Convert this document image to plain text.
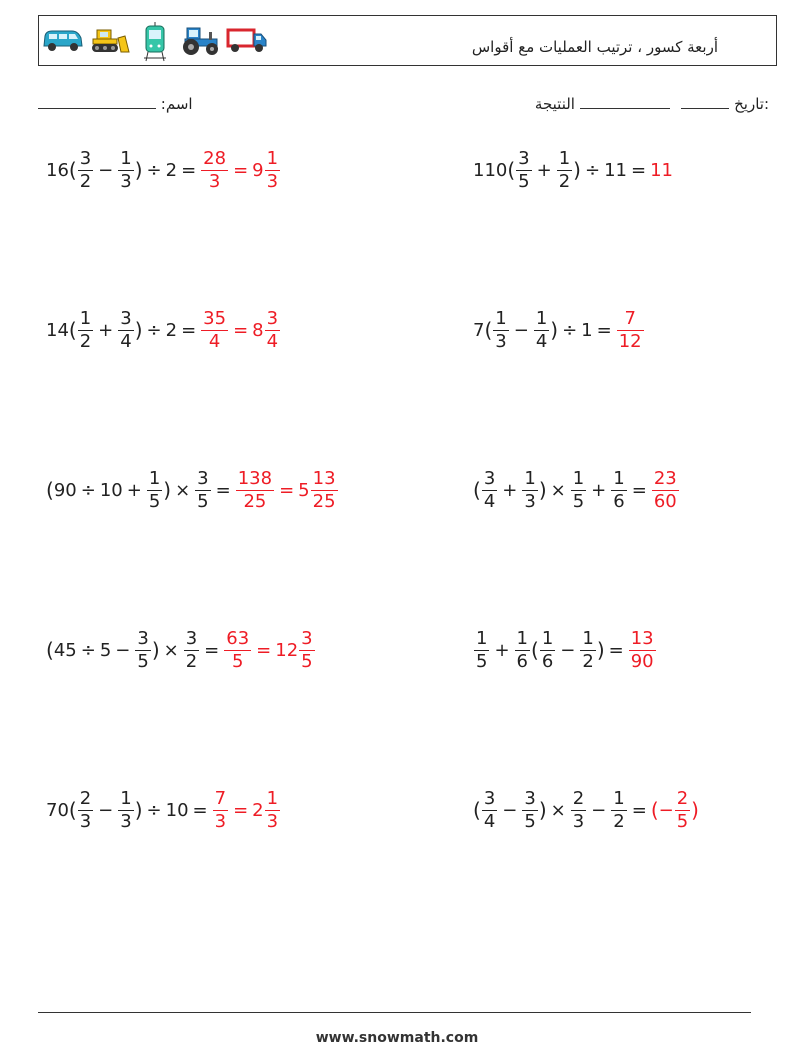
أربعة كسور ، ترتيب العمليات مع أقواس
:اسم	:تاريخ    النتيجة
16 ( $\frac{3}{2} - \frac{1}{3}$ ) ÷ $2 = \frac{28}{3} = 9 \frac{1}{3}$	110 ( $\frac{3}{5} + \frac{1}{2}$ ) ÷ 11 = 11
14 ( $\frac{1}{2} + \frac{3}{4}$ ) ÷ $2 = \frac{35}{4} = 8 \frac{3}{4}$	7 ( $\frac{1}{3} - \frac{1}{4}$ ) ÷ $1 = \frac{7}{12}$
( $90 \div 10 + \frac{1}{5}$ ) × $\frac{3}{5} = \frac{138}{25} = 5 \frac{13}{25}$	( $\frac{3}{4} + \frac{1}{3}$ ) × $\frac{1}{5} + \frac{1}{6} = \frac{23}{60}$
( $45 \div 5 - \frac{3}{5}$ ) × $\frac{3}{2} = \frac{63}{5} = 12 \frac{3}{5}$	$\frac{1}{5} + \frac{1}{6}$ ( $\frac{1}{6} - \frac{1}{2}$ ) = $\frac{13}{90}$
70 ( $\frac{2}{3} - \frac{1}{3}$ ) ÷ $10 = \frac{7}{3} = 2 \frac{1}{3}$	( $\frac{3}{4} - \frac{3}{5}$ ) × $\frac{2}{3} - \frac{1}{2}$ = ( − $\frac{2}{5}$ )
www.snowmath.com
